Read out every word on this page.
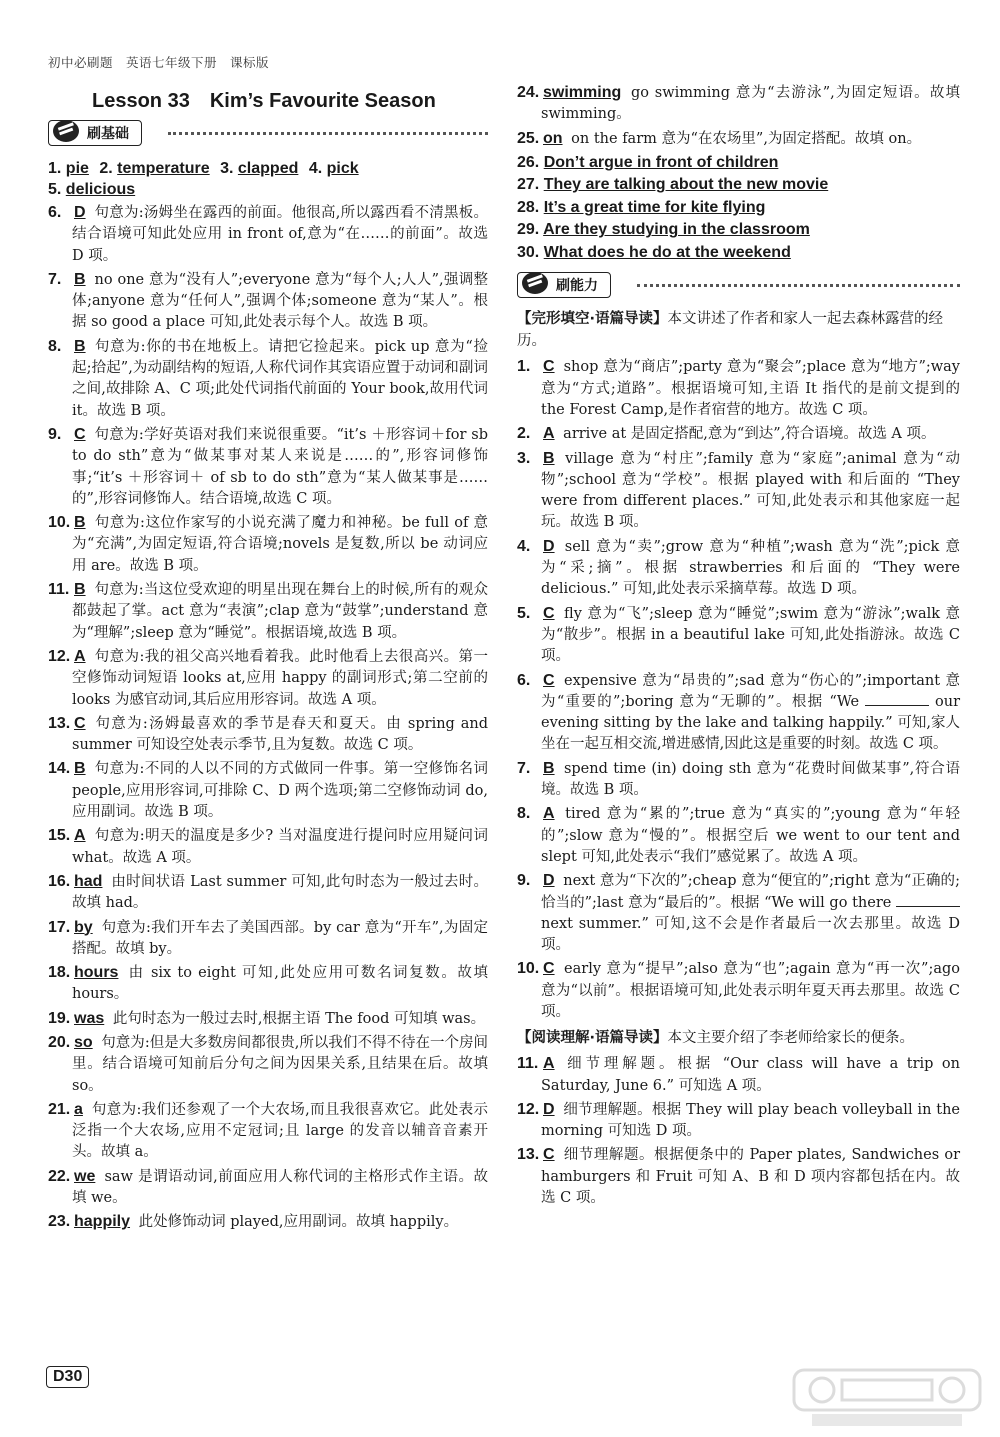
初中必刷题　英语七年级下册　课标版
Lesson 33　Kim’s Favourite Season
刷基础
1. pie 2. temperature 3. clapped 4. pick
5. delicious
6. D 句意为:汤姆坐在露西的前面。他很高,所以露西看不清黑板。结合语境可知此处应用 in front of,意为“在……的前面”。故选 D 项。
7. B no one 意为“没有人”;everyone 意为“每个人;人人”,强调整体;anyone 意为“任何人”,强调个体;someone 意为“某人”。根据 so good a place 可知,此处表示每个人。故选 B 项。
8. B 句意为:你的书在地板上。请把它捡起来。pick up 意为“捡起;拾起”,为动副结构的短语,人称代词作其宾语应置于动词和副词之间,故排除 A、C 项;此处代词指代前面的 Your book,故用代词 it。故选 B 项。
9. C 句意为:学好英语对我们来说很重要。“it’s ＋形容词＋for sb to do sth”意为“做某事对某人来说是……的”,形容词修饰事;“it’s ＋形容词＋ of sb to do sth”意为“某人做某事是……的”,形容词修饰人。结合语境,故选 C 项。
10. B 句意为:这位作家写的小说充满了魔力和神秘。be full of 意为“充满”,为固定短语,符合语境;novels 是复数,所以 be 动词应用 are。故选 B 项。
11. B 句意为:当这位受欢迎的明星出现在舞台上的时候,所有的观众都鼓起了掌。act 意为“表演”;clap 意为“鼓掌”;understand 意为“理解”;sleep 意为“睡觉”。根据语境,故选 B 项。
12. A 句意为:我的祖父高兴地看着我。此时他看上去很高兴。第一空修饰动词短语 looks at,应用 happy 的副词形式;第二空前的 looks 为感官动词,其后应用形容词。故选 A 项。
13. C 句意为:汤姆最喜欢的季节是春天和夏天。由 spring and summer 可知设空处表示季节,且为复数。故选 C 项。
14. B 句意为:不同的人以不同的方式做同一件事。第一空修饰名词 people,应用形容词,可排除 C、D 两个选项;第二空修饰动词 do,应用副词。故选 B 项。
15. A 句意为:明天的温度是多少? 当对温度进行提问时应用疑问词 what。故选 A 项。
16. had 由时间状语 Last summer 可知,此句时态为一般过去时。故填 had。
17. by 句意为:我们开车去了美国西部。by car 意为“开车”,为固定搭配。故填 by。
18. hours 由 six to eight 可知,此处应用可数名词复数。故填 hours。
19. was 此句时态为一般过去时,根据主语 The food 可知填 was。
20. so 句意为:但是大多数房间都很贵,所以我们不得不待在一个房间里。结合语境可知前后分句之间为因果关系,且结果在后。故填 so。
21. a 句意为:我们还参观了一个大农场,而且我很喜欢它。此处表示泛指一个大农场,应用不定冠词;且 large 的发音以辅音音素开头。故填 a。
22. we saw 是谓语动词,前面应用人称代词的主格形式作主语。故填 we。
23. happily 此处修饰动词 played,应用副词。故填 happily。
24. swimming go swimming 意为“去游泳”,为固定短语。故填 swimming。
25. on on the farm 意为“在农场里”,为固定搭配。故填 on。
26. Don’t argue in front of children
27. They are talking about the new movie
28. It’s a great time for kite flying
29. Are they studying in the classroom
30. What does he do at the weekend
刷能力
【完形填空·语篇导读】本文讲述了作者和家人一起去森林露营的经历。
1. C shop 意为“商店”;party 意为“聚会”;place 意为“地方”;way 意为“方式;道路”。根据语境可知,主语 It 指代的是前文提到的 the Forest Camp,是作者宿营的地方。故选 C 项。
2. A arrive at 是固定搭配,意为“到达”,符合语境。故选 A 项。
3. B village 意为“村庄”;family 意为“家庭”;animal 意为“动物”;school 意为“学校”。根据 played with 和后面的 “They were from different places.” 可知,此处表示和其他家庭一起玩。故选 B 项。
4. D sell 意为“卖”;grow 意为“种植”;wash 意为“洗”;pick 意为“采;摘”。根据 strawberries 和后面的 “They were delicious.” 可知,此处表示采摘草莓。故选 D 项。
5. C fly 意为“飞”;sleep 意为“睡觉”;swim 意为“游泳”;walk 意为“散步”。根据 in a beautiful lake 可知,此处指游泳。故选 C 项。
6. C expensive 意为“昂贵的”;sad 意为“伤心的”;important 意为“重要的”;boring 意为“无聊的”。根据 “We	our evening sitting by the lake and talking happily.” 可知,家人坐在一起互相交流,增进感情,因此这是重要的时刻。故选 C 项。
7. B spend time (in) doing sth 意为“花费时间做某事”,符合语境。故选 B 项。
8. A tired 意为“累的”;true 意为“真实的”;young 意为“年轻的”;slow 意为“慢的”。根据空后 we went to our tent and slept 可知,此处表示“我们”感觉累了。故选 A 项。
9. D next 意为“下次的”;cheap 意为“便宜的”;right 意为“正确的;恰当的”;last 意为“最后的”。根据 “We will go there  next summer.” 可知,这不会是作者最后一次去那里。故选 D 项。
10. C early 意为“提早”;also 意为“也”;again 意为“再一次”;ago 意为“以前”。根据语境可知,此处表示明年夏天再去那里。故选 C 项。
【阅读理解·语篇导读】本文主要介绍了李老师给家长的便条。
11. A 细节理解题。根据 “Our class will have a trip on Saturday, June 6.” 可知选 A 项。
12. D 细节理解题。根据 They will play beach volleyball in the morning 可知选 D 项。
13. C 细节理解题。根据便条中的 Paper plates, Sandwiches or hamburgers 和 Fruit 可知 A、B 和 D 项内容都包括在内。故选 C 项。
D30
